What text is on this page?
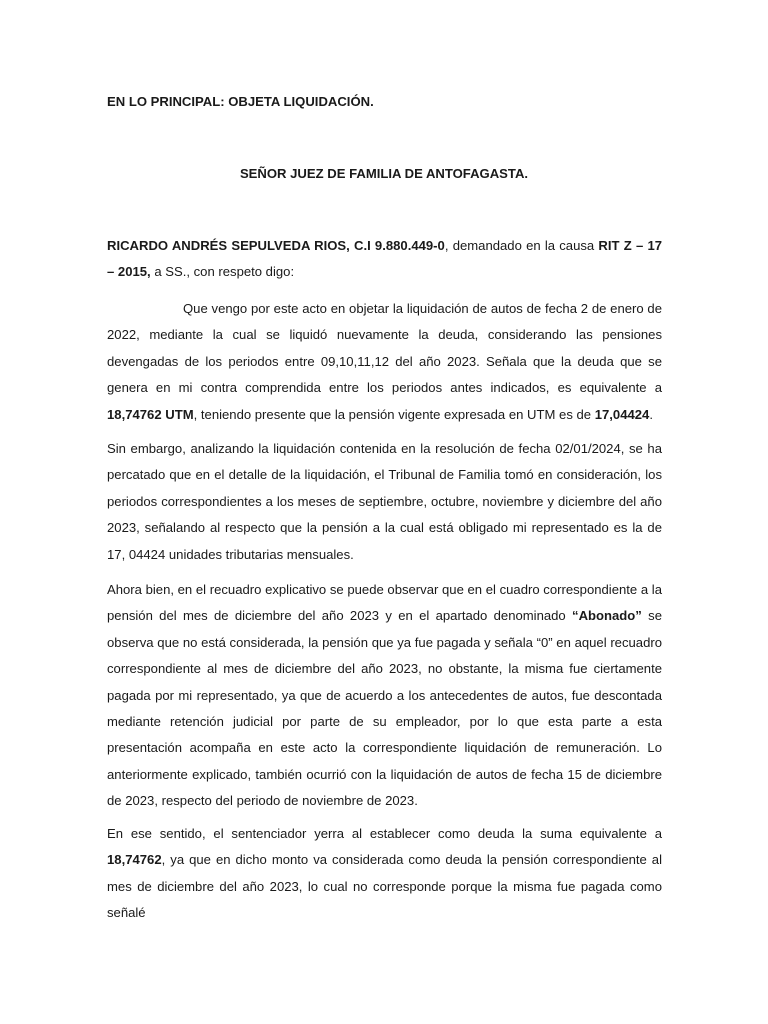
EN LO PRINCIPAL: OBJETA LIQUIDACIÓN.

SEÑOR JUEZ DE FAMILIA DE ANTOFAGASTA.

RICARDO ANDRÉS SEPULVEDA RIOS, C.I 9.880.449-0, demandado en la causa RIT Z – 17 – 2015, a SS., con respeto digo:

Que vengo por este acto en objetar la liquidación de autos de fecha 2 de enero de 2022, mediante la cual se liquidó nuevamente la deuda, considerando las pensiones devengadas de los periodos entre 09,10,11,12 del año 2023. Señala que la deuda que se genera en mi contra comprendida entre los periodos antes indicados, es equivalente a 18,74762 UTM, teniendo presente que la pensión vigente expresada en UTM es de 17,04424.

Sin embargo, analizando la liquidación contenida en la resolución de fecha 02/01/2024, se ha percatado que en el detalle de la liquidación, el Tribunal de Familia tomó en consideración, los periodos correspondientes a los meses de septiembre, octubre, noviembre y diciembre del año 2023, señalando al respecto que la pensión a la cual está obligado mi representado es la de 17, 04424 unidades tributarias mensuales.

Ahora bien, en el recuadro explicativo se puede observar que en el cuadro correspondiente a la pensión del mes de diciembre del año 2023 y en el apartado denominado “Abonado” se observa que no está considerada, la pensión que ya fue pagada y señala “0” en aquel recuadro correspondiente al mes de diciembre del año 2023, no obstante, la misma fue ciertamente pagada por mi representado, ya que de acuerdo a los antecedentes de autos, fue descontada mediante retención judicial por parte de su empleador, por lo que esta parte a esta presentación acompaña en este acto la correspondiente liquidación de remuneración. Lo anteriormente explicado, también ocurrió con la liquidación de autos de fecha 15 de diciembre de 2023, respecto del periodo de noviembre de 2023.

En ese sentido, el sentenciador yerra al establecer como deuda la suma equivalente a 18,74762, ya que en dicho monto va considerada como deuda la pensión correspondiente al mes de diciembre del año 2023, lo cual no corresponde porque la misma fue pagada como señalé
